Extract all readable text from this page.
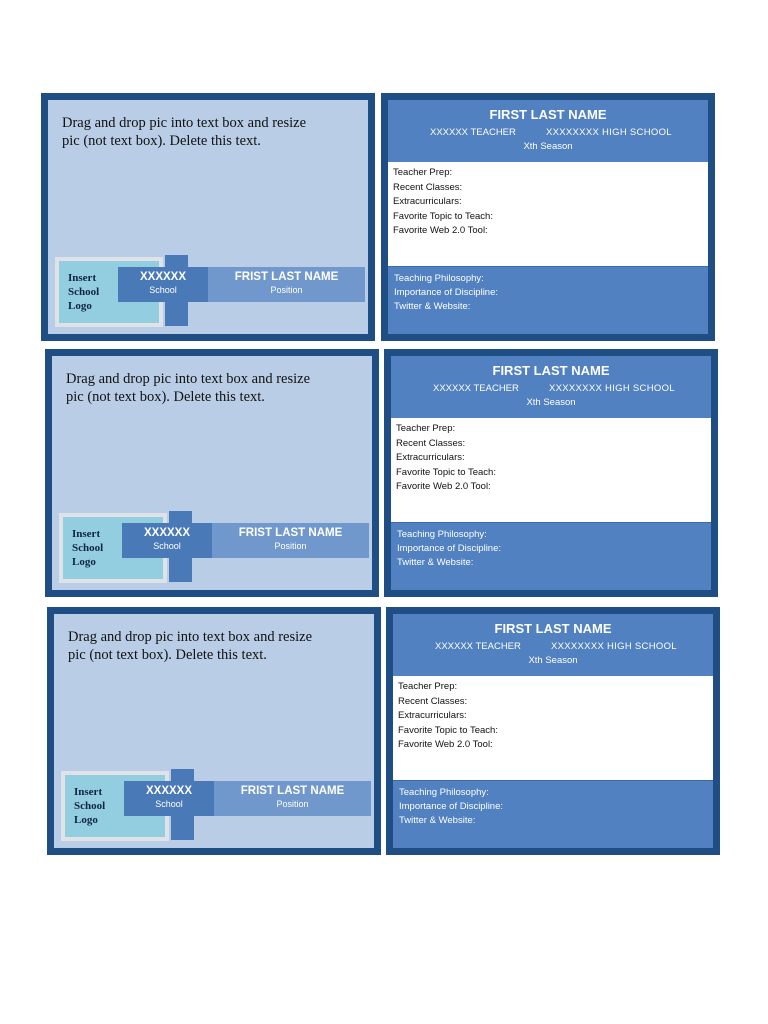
Drag and drop pic into text box and resize
pic (not text box). Delete this text.
Insert
School
Logo
XXXXXX
School
FRIST LAST NAME
Position
FIRST LAST NAME
XXXXXX TEACHER	XXXXXXXX HIGH SCHOOL
Xth Season
Teacher Prep:
Recent Classes:
Extracurriculars:
Favorite Topic to Teach:
Favorite Web 2.0 Tool:
Teaching Philosophy:
Importance of Discipline:
Twitter & Website:
Drag and drop pic into text box and resize
pic (not text box). Delete this text.
Insert
School
Logo
XXXXXX
School
FRIST LAST NAME
Position
FIRST LAST NAME
XXXXXX TEACHER	XXXXXXXX HIGH SCHOOL
Xth Season
Teacher Prep:
Recent Classes:
Extracurriculars:
Favorite Topic to Teach:
Favorite Web 2.0 Tool:
Teaching Philosophy:
Importance of Discipline:
Twitter & Website:
Drag and drop pic into text box and resize
pic (not text box). Delete this text.
Insert
School
Logo
XXXXXX
School
FRIST LAST NAME
Position
FIRST LAST NAME
XXXXXX TEACHER	XXXXXXXX HIGH SCHOOL
Xth Season
Teacher Prep:
Recent Classes:
Extracurriculars:
Favorite Topic to Teach:
Favorite Web 2.0 Tool:
Teaching Philosophy:
Importance of Discipline:
Twitter & Website:
